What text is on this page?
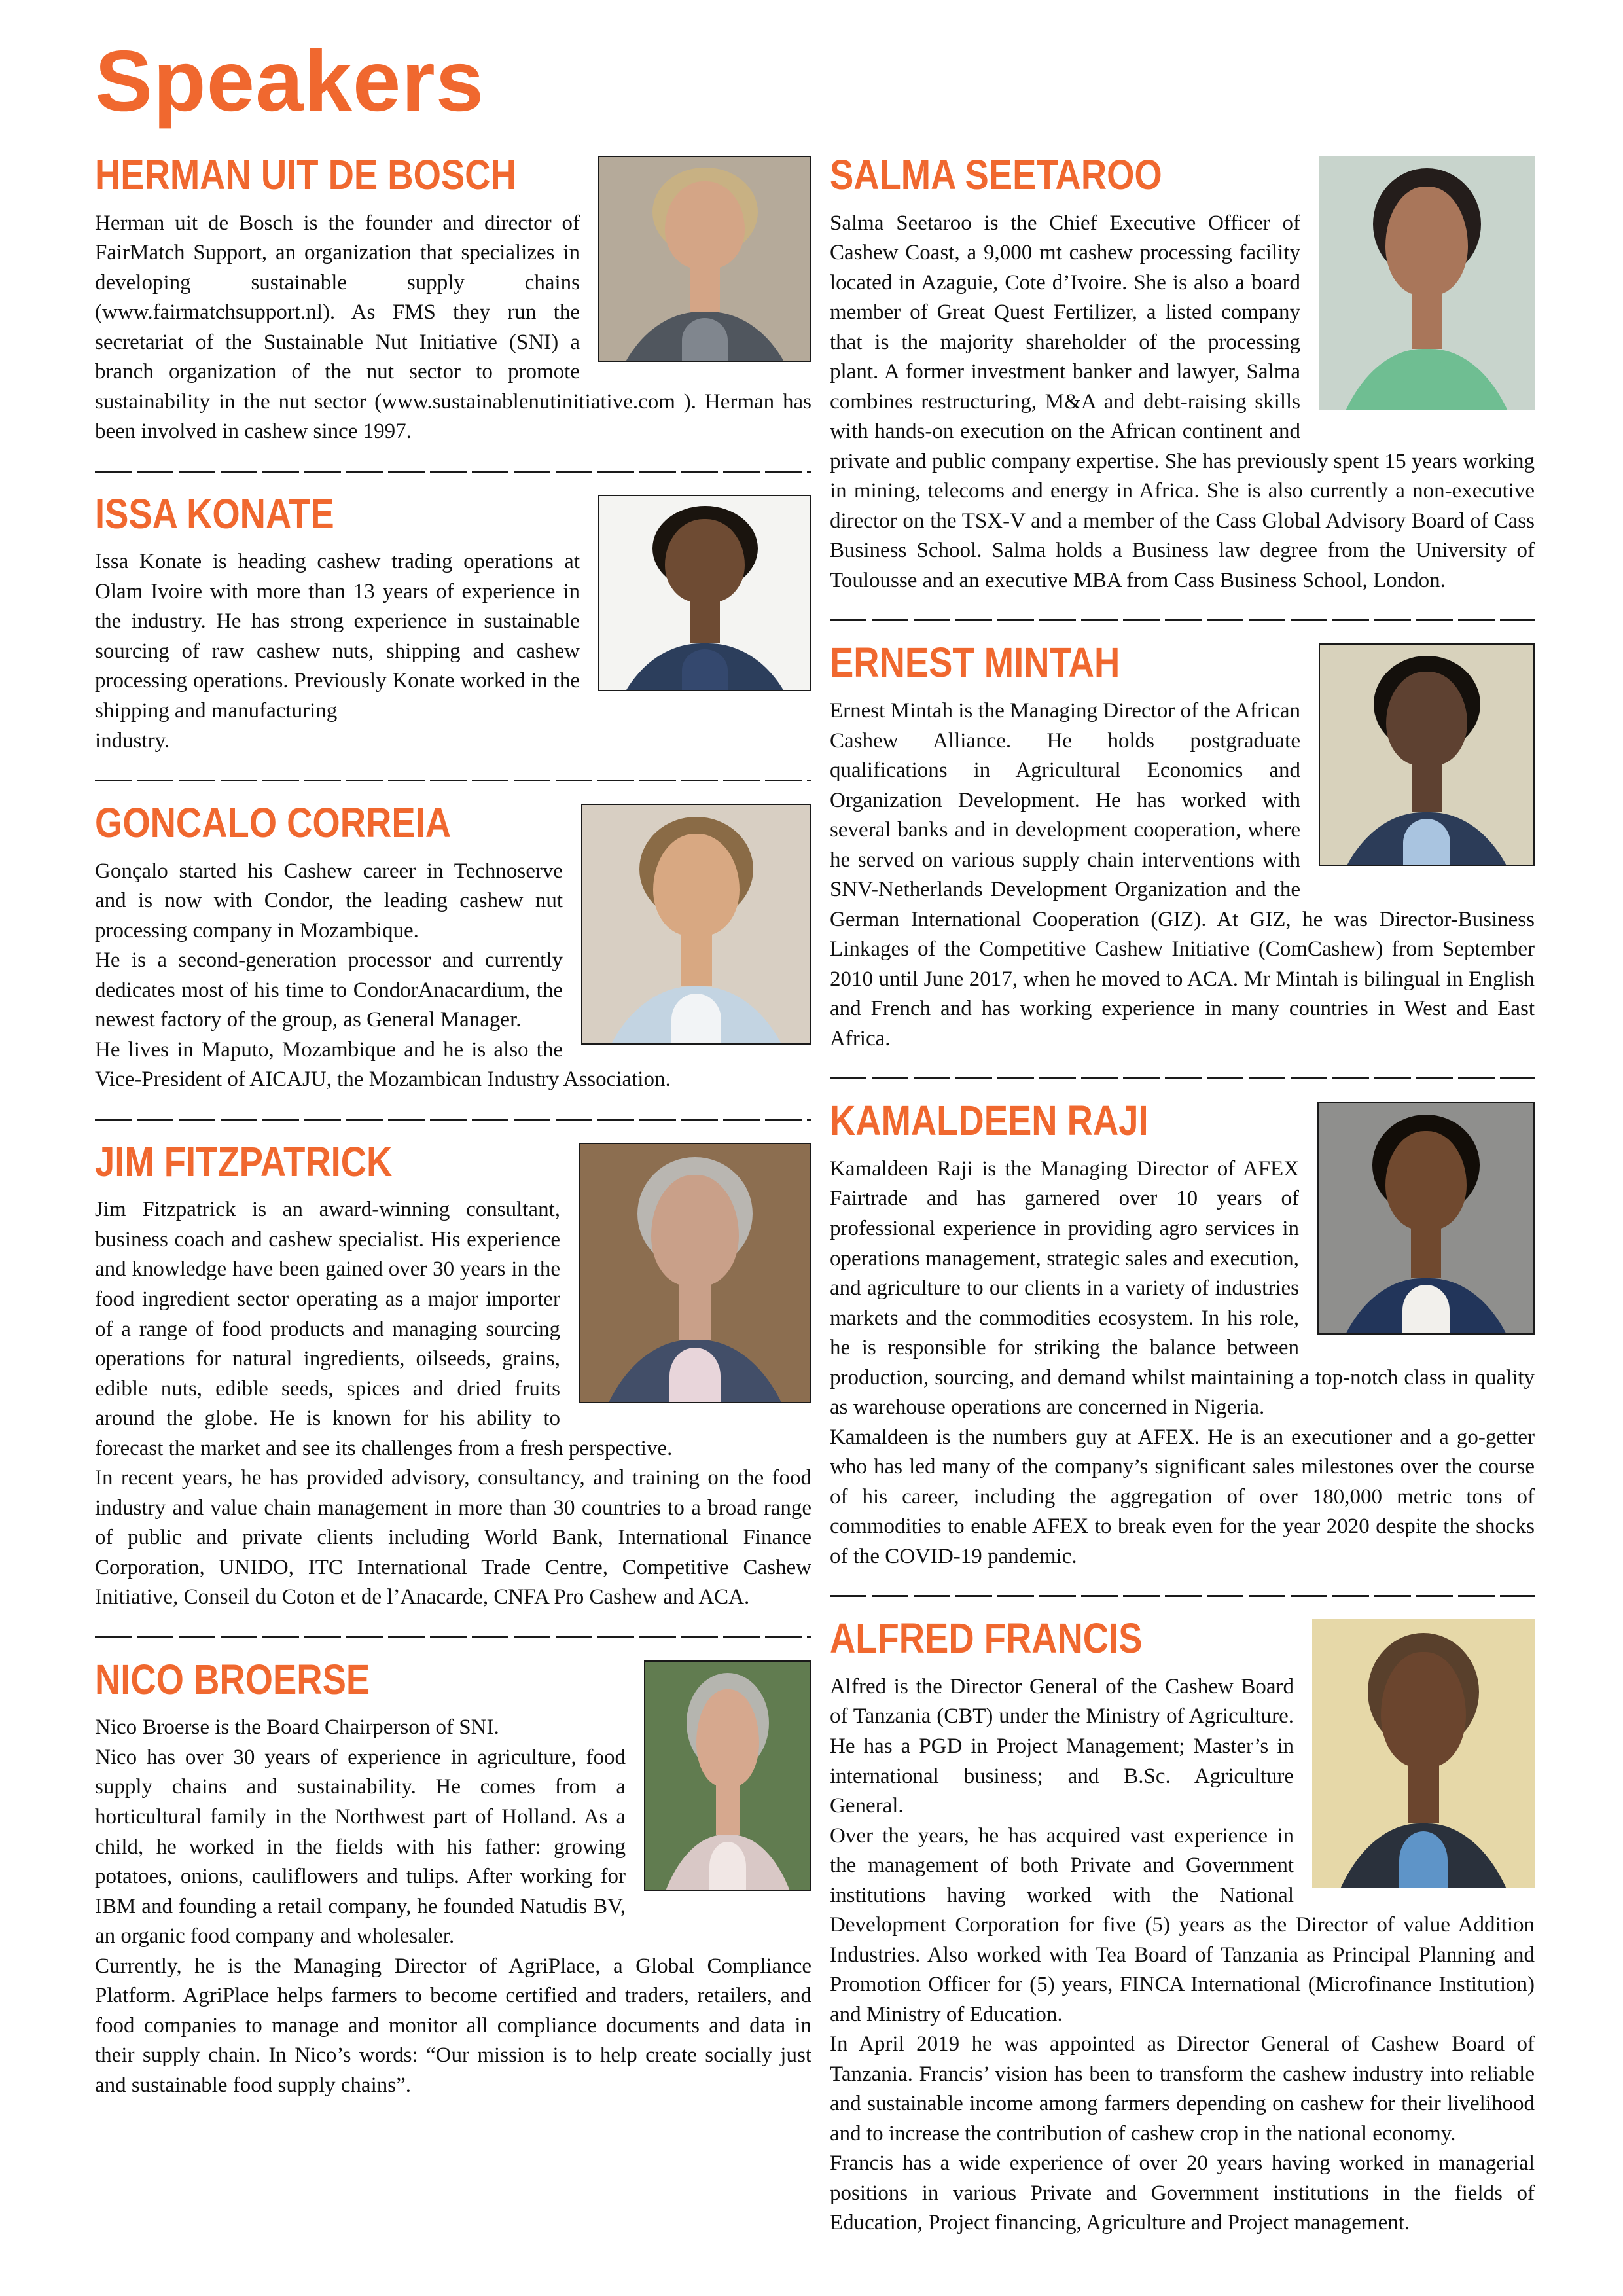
Speakers
HERMAN UIT DE BOSCH

Herman uit de Bosch is the founder and director of FairMatch Support, an organization that specializes in developing sustainable supply chains (www.fairmatchsupport.nl). As FMS they run the secretariat of the Sustainable Nut Initiative (SNI) a branch organization of the nut sector to promote sustainability in the nut sector (www.sustainablenutinitiative.com ). Herman has been involved in cashew since 1997.

ISSA KONATE

Issa Konate is heading cashew trading operations at Olam Ivoire with more than 13 years of experience in the industry. He has strong experience in sustainable sourcing of raw cashew nuts, shipping and cashew processing operations. Previously Konate worked in the shipping and manufacturing

industry.

GONCALO CORREIA

Gonçalo started his Cashew career in Technoserve and is now with Condor, the leading cashew nut processing company in Mozambique.

He is a second-generation processor and currently dedicates most of his time to CondorAnacardium, the newest factory of the group, as General Manager.

He lives in Maputo, Mozambique and he is also the Vice-President of AICAJU, the Mozambican Industry Association.

JIM FITZPATRICK

Jim Fitzpatrick is an award-winning consultant, business coach and cashew specialist. His experience and knowledge have been gained over 30 years in the food ingredient sector operating as a major importer of a range of food products and managing sourcing operations for natural ingredients, oilseeds, grains, edible nuts, edible seeds, spices and dried fruits around the globe. He is known for his ability to forecast the market and see its challenges from a fresh perspective.

In recent years, he has provided advisory, consultancy, and training on the food industry and value chain management in more than 30 countries to a broad range of public and private clients including World Bank, International Finance Corporation, UNIDO, ITC International Trade Centre, Competitive Cashew Initiative, Conseil du Coton et de l’Anacarde, CNFA Pro Cashew and ACA.

NICO BROERSE

Nico Broerse is the Board Chairperson of SNI.

Nico has over 30 years of experience in agriculture, food supply chains and sustainability. He comes from a horticultural family in the Northwest part of Holland. As a child, he worked in the fields with his father: growing potatoes, onions, cauliflowers and tulips. After working for IBM and founding a retail company, he founded Natudis BV, an organic food company and wholesaler.

Currently, he is the Managing Director of AgriPlace, a Global Compliance Platform. AgriPlace helps farmers to become certified and traders, retailers, and food companies to manage and monitor all compliance documents and data in their supply chain. In Nico’s words: “Our mission is to help create socially just and sustainable food supply chains”.

SALMA SEETAROO

Salma Seetaroo is the Chief Executive Officer of Cashew Coast, a 9,000 mt cashew processing facility located in Azaguie, Cote d’Ivoire. She is also a board member of Great Quest Fertilizer, a listed company that is the majority shareholder of the processing plant. A former investment banker and lawyer, Salma combines restructuring, M&A and debt-raising skills with hands-on execution on the African continent and private and public company expertise. She has previously spent 15 years working in mining, telecoms and energy in Africa. She is also currently a non-executive director on the TSX-V and a member of the Cass Global Advisory Board of Cass Business School. Salma holds a Business law degree from the University of Toulousse and an executive MBA from Cass Business School, London.

ERNEST MINTAH

Ernest Mintah is the Managing Director of the African Cashew Alliance. He holds postgraduate qualifications in Agricultural Economics and Organization Development. He has worked with several banks and in development cooperation, where he served on various supply chain interventions with SNV-Netherlands Development Organization and the German International Cooperation (GIZ). At GIZ, he was Director-Business Linkages of the Competitive Cashew Initiative (ComCashew) from September 2010 until June 2017, when he moved to ACA. Mr Mintah is bilingual in English and French and has working experience in many countries in West and East Africa.

KAMALDEEN RAJI

Kamaldeen Raji is the Managing Director of AFEX Fairtrade and has garnered over 10 years of professional experience in providing agro services in operations management, strategic sales and execution, and agriculture to our clients in a variety of industries markets and the commodities ecosystem. In his role, he is responsible for striking the balance between production, sourcing, and demand whilst maintaining a top-notch class in quality as warehouse operations are concerned in Nigeria.

Kamaldeen is the numbers guy at AFEX. He is an executioner and a go-getter who has led many of the company’s significant sales milestones over the course of his career, including the aggregation of over 180,000 metric tons of commodities to enable AFEX to break even for the year 2020 despite the shocks of the COVID-19 pandemic.

ALFRED FRANCIS

Alfred is the Director General of the Cashew Board of Tanzania (CBT) under the Ministry of Agriculture. He has a PGD in Project Management; Master’s in international business; and B.Sc. Agriculture General.

Over the years, he has acquired vast experience in the management of both Private and Government institutions having worked with the National Development Corporation for five (5) years as the Director of value Addition Industries. Also worked with Tea Board of Tanzania as Principal Planning and Promotion Officer for (5) years, FINCA International (Microfinance Institution) and Ministry of Education.

In April 2019 he was appointed as Director General of Cashew Board of Tanzania. Francis’ vision has been to transform the cashew industry into reliable and sustainable income among farmers depending on cashew for their livelihood and to increase the contribution of cashew crop in the national economy.

Francis has a wide experience of over 20 years having worked in managerial positions in various Private and Government institutions in the fields of Education, Project financing, Agriculture and Project management.
